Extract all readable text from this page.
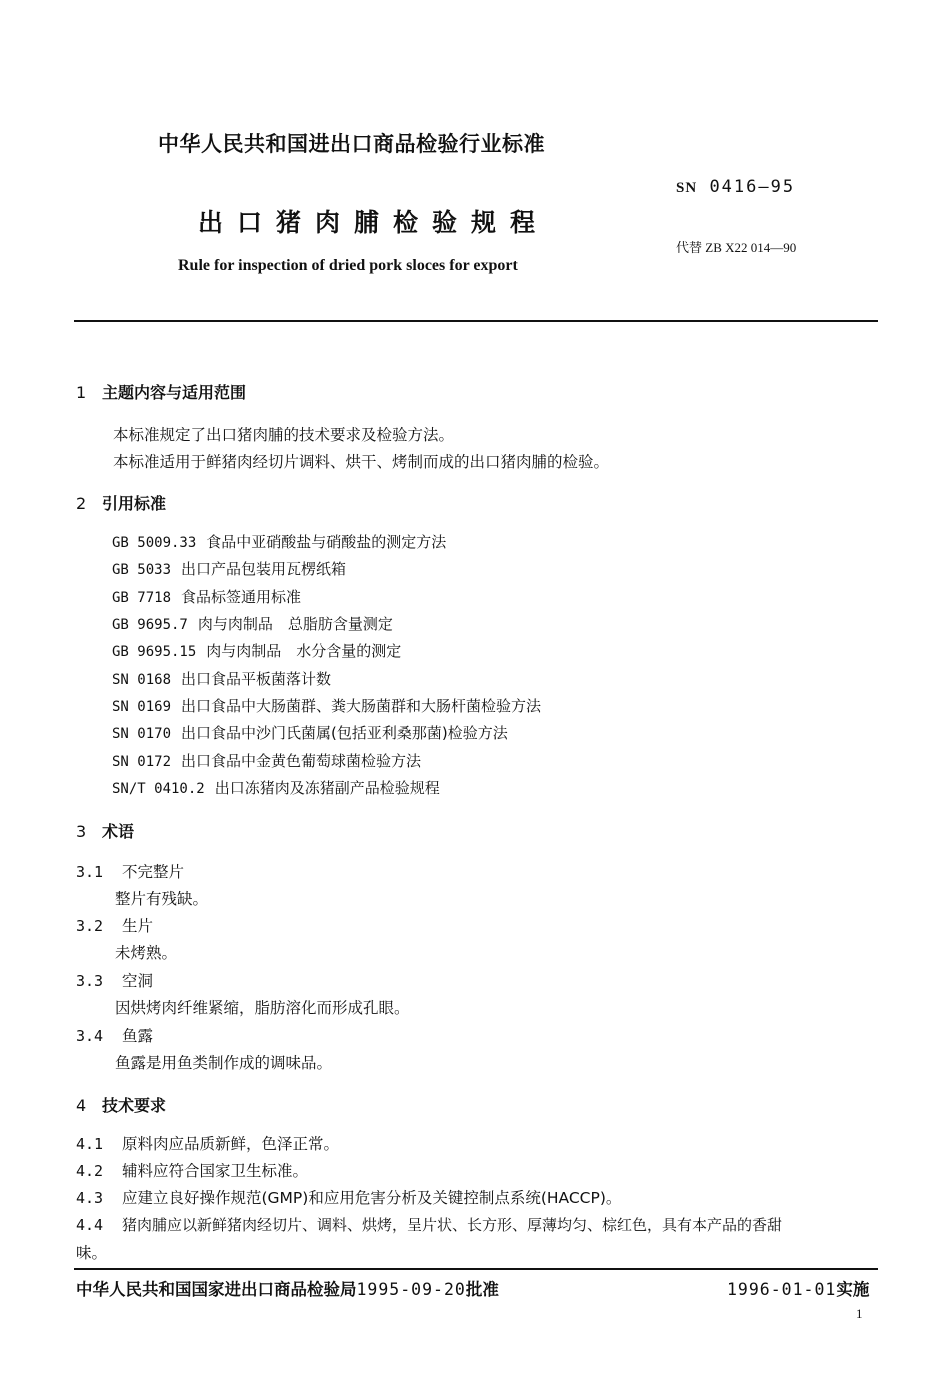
中华人民共和国进出口商品检验行业标准
SN 0416—95
出口猪肉脯检验规程
代替 ZB X22 014—90
Rule for inspection of dried pork sloces for export
1 主题内容与适用范围
本标准规定了出口猪肉脯的技术要求及检验方法。
本标准适用于鲜猪肉经切片调料、烘干、烤制而成的出口猪肉脯的检验。
2 引用标准
GB 5009.33 食品中亚硝酸盐与硝酸盐的测定方法
GB 5033 出口产品包装用瓦楞纸箱
GB 7718 食品标签通用标准
GB 9695.7 肉与肉制品　总脂肪含量测定
GB 9695.15 肉与肉制品　水分含量的测定
SN 0168 出口食品平板菌落计数
SN 0169 出口食品中大肠菌群、粪大肠菌群和大肠杆菌检验方法
SN 0170 出口食品中沙门氏菌属(包括亚利桑那菌)检验方法
SN 0172 出口食品中金黄色葡萄球菌检验方法
SN/T 0410.2 出口冻猪肉及冻猪副产品检验规程
3 术语
3.1 不完整片
整片有残缺。
3.2 生片
未烤熟。
3.3 空洞
因烘烤肉纤维紧缩，脂肪溶化而形成孔眼。
3.4 鱼露
鱼露是用鱼类制作成的调味品。
4 技术要求
4.1 原料肉应品质新鲜，色泽正常。
4.2 辅料应符合国家卫生标准。
4.3 应建立良好操作规范(GMP)和应用危害分析及关键控制点系统(HACCP)。
4.4 猪肉脯应以新鲜猪肉经切片、调料、烘烤，呈片状、长方形、厚薄均匀、棕红色，具有本产品的香甜
味。
中华人民共和国国家进出口商品检验局1995-09-20批准	1996-01-01实施
1
